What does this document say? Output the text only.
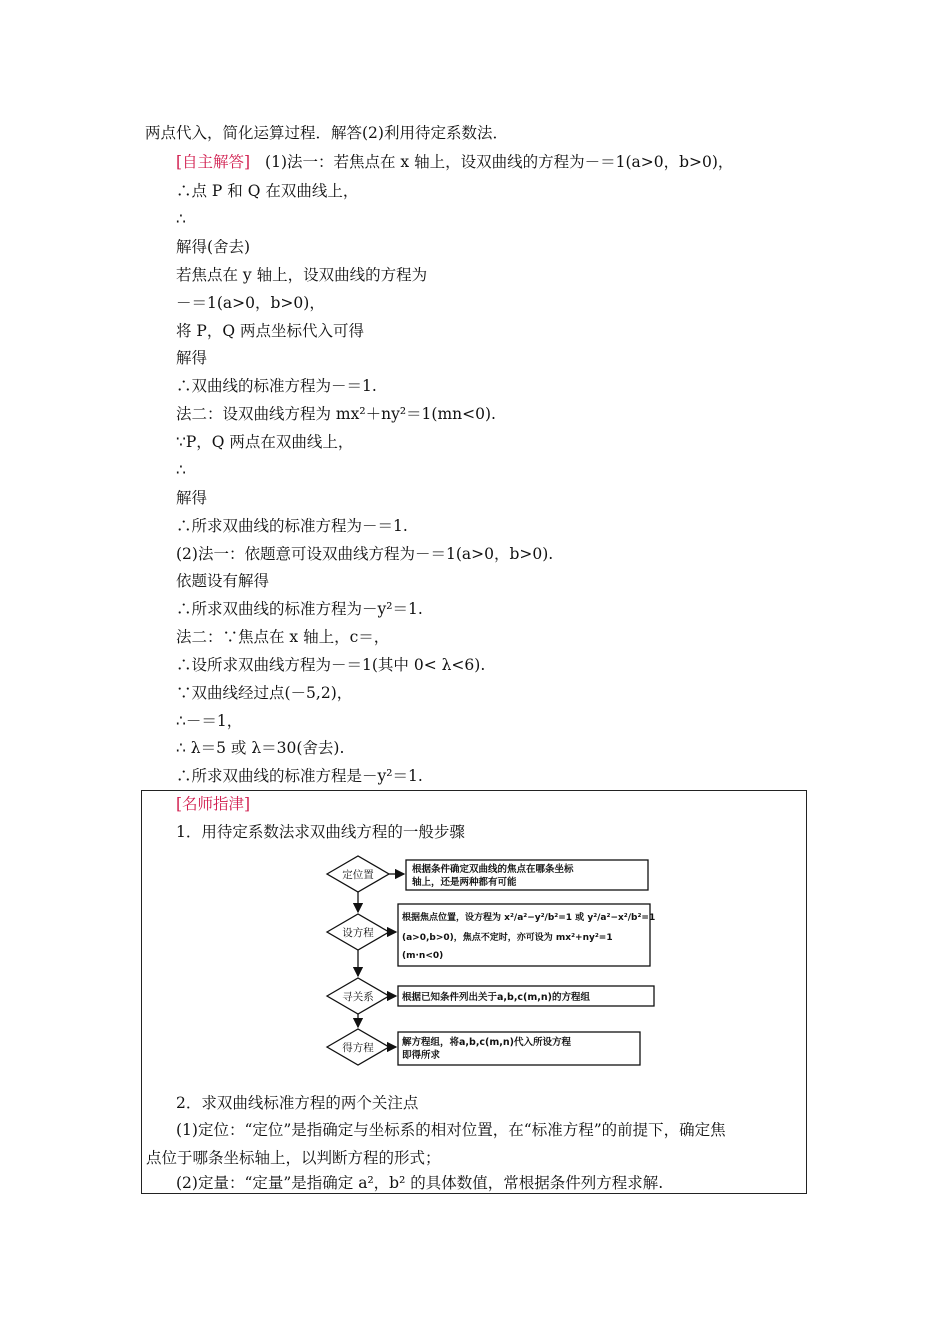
两点代入，简化运算过程．解答(2)利用待定系数法．
[自主解答] (1)法一：若焦点在 x 轴上，设双曲线的方程为－＝1(a>0，b>0)，
∴点 P 和 Q 在双曲线上，
∴
解得(舍去)
若焦点在 y 轴上，设双曲线的方程为
－＝1(a>0，b>0)，
将 P，Q 两点坐标代入可得
解得
∴双曲线的标准方程为－＝1.
法二：设双曲线方程为 mx²＋ny²＝1(mn<0).
∵P，Q 两点在双曲线上，
∴
解得
∴所求双曲线的标准方程为－＝1.
(2)法一：依题意可设双曲线方程为－＝1(a>0，b>0).
依题设有解得
∴所求双曲线的标准方程为－y²＝1.
法二：∵焦点在 x 轴上，c＝，
∴设所求双曲线方程为－＝1(其中 0< λ<6).
∵双曲线经过点(－5,2)，
∴－＝1，
∴ λ＝5 或 λ＝30(舍去).
∴所求双曲线的标准方程是－y²＝1.
[名师指津]
1．用待定系数法求双曲线方程的一般步骤
定位置
设方程
寻关系
得方程
根据条件确定双曲线的焦点在哪条坐标
轴上，还是两种都有可能
根据焦点位置，设方程为 x²/a²−y²/b²=1 或 y²/a²−x²/b²=1
(a>0,b>0)，焦点不定时，亦可设为 mx²+ny²=1
(m·n<0)
根据已知条件列出关于a,b,c(m,n)的方程组
解方程组，将a,b,c(m,n)代入所设方程
即得所求
2．求双曲线标准方程的两个关注点
(1)定位：“定位”是指确定与坐标系的相对位置，在“标准方程”的前提下，确定焦
点位于哪条坐标轴上，以判断方程的形式；
(2)定量：“定量”是指确定 a²，b² 的具体数值，常根据条件列方程求解.
